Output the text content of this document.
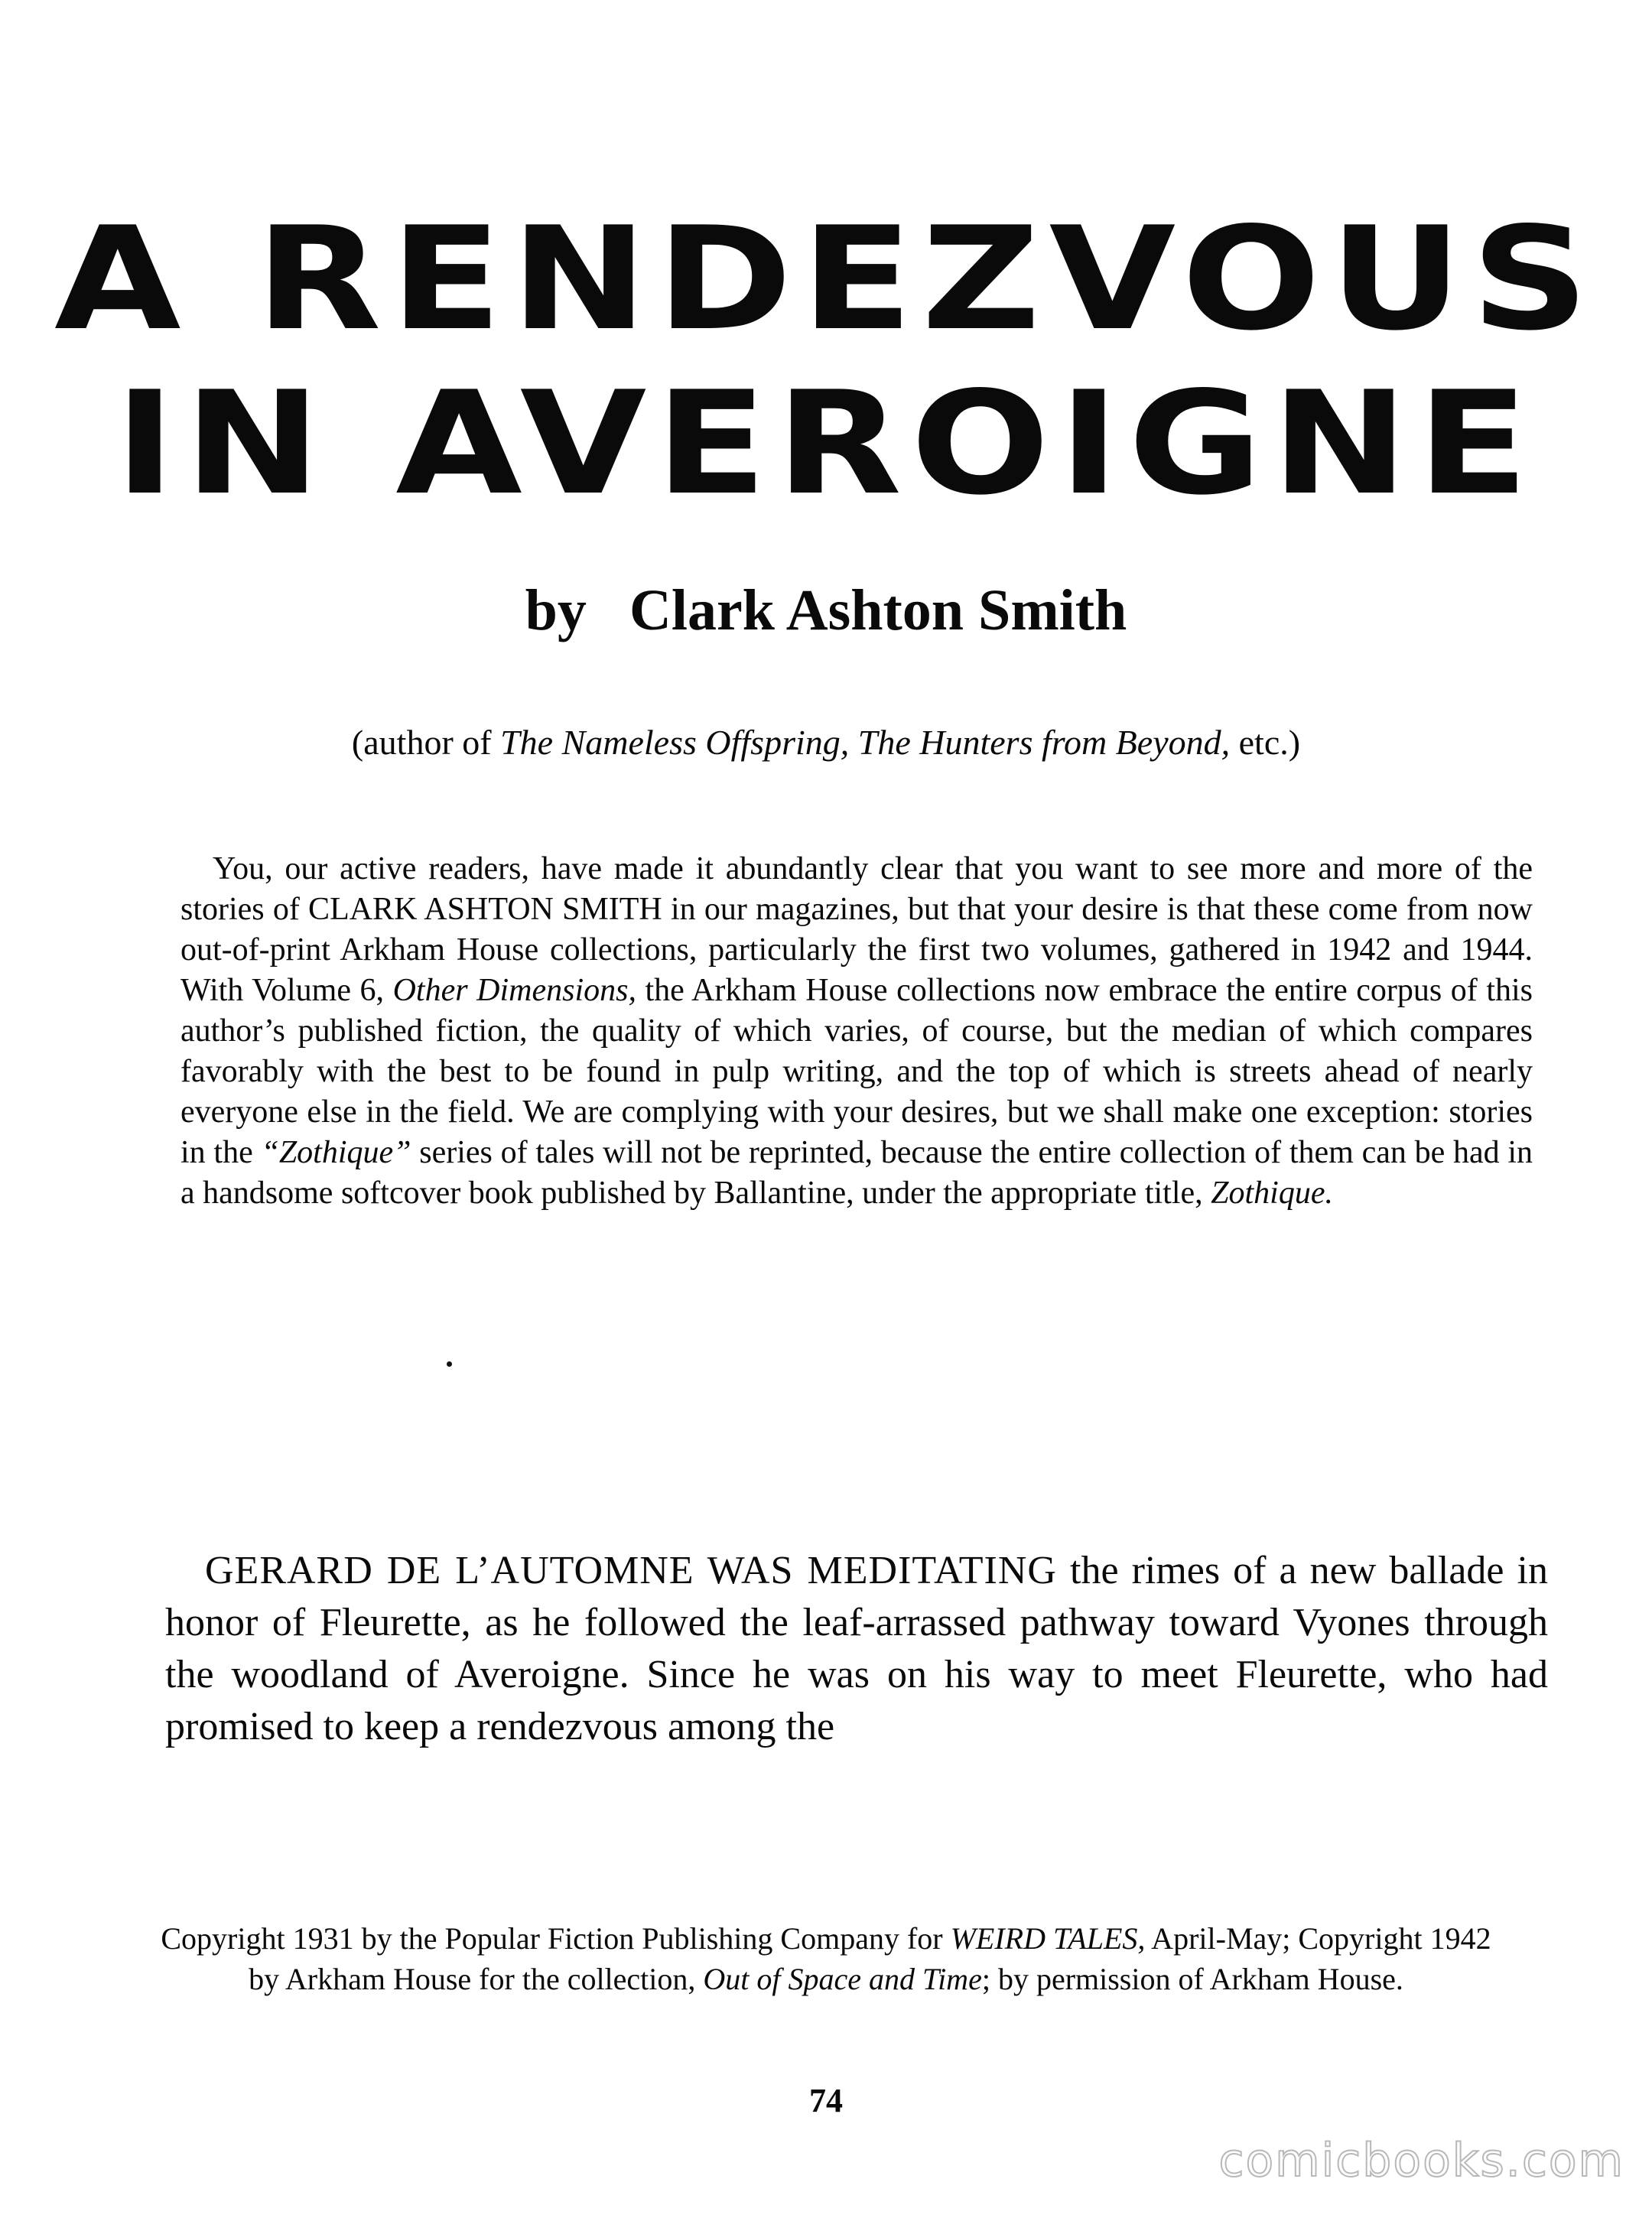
A RENDEZVOUS
IN AVEROIGNE
by Clark Ashton Smith
(author of The Nameless Offspring, The Hunters from Beyond, etc.)
You, our active readers, have made it abundantly clear that you want to see more and more of the stories of CLARK ASHTON SMITH in our magazines, but that your desire is that these come from now out-of-print Arkham House collections, particularly the first two volumes, gathered in 1942 and 1944. With Volume 6, Other Dimensions, the Arkham House collections now embrace the entire corpus of this author’s published fiction, the quality of which varies, of course, but the median of which compares favorably with the best to be found in pulp writing, and the top of which is streets ahead of nearly everyone else in the field. We are complying with your desires, but we shall make one exception: stories in the “Zothique” series of tales will not be reprinted, because the entire collection of them can be had in a handsome softcover book published by Ballantine, under the appropriate title, Zothique.
GERARD DE L’AUTOMNE WAS MEDITATING the rimes of a new ballade in honor of Fleurette, as he followed the leaf-arrassed pathway toward Vyones through the woodland of Averoigne. Since he was on his way to meet Fleurette, who had promised to keep a rendezvous among the
Copyright 1931 by the Popular Fiction Publishing Company for WEIRD TALES, April-May; Copyright 1942 by Arkham House for the collection, Out of Space and Time; by permission of Arkham House.
74
comicbooks.com
